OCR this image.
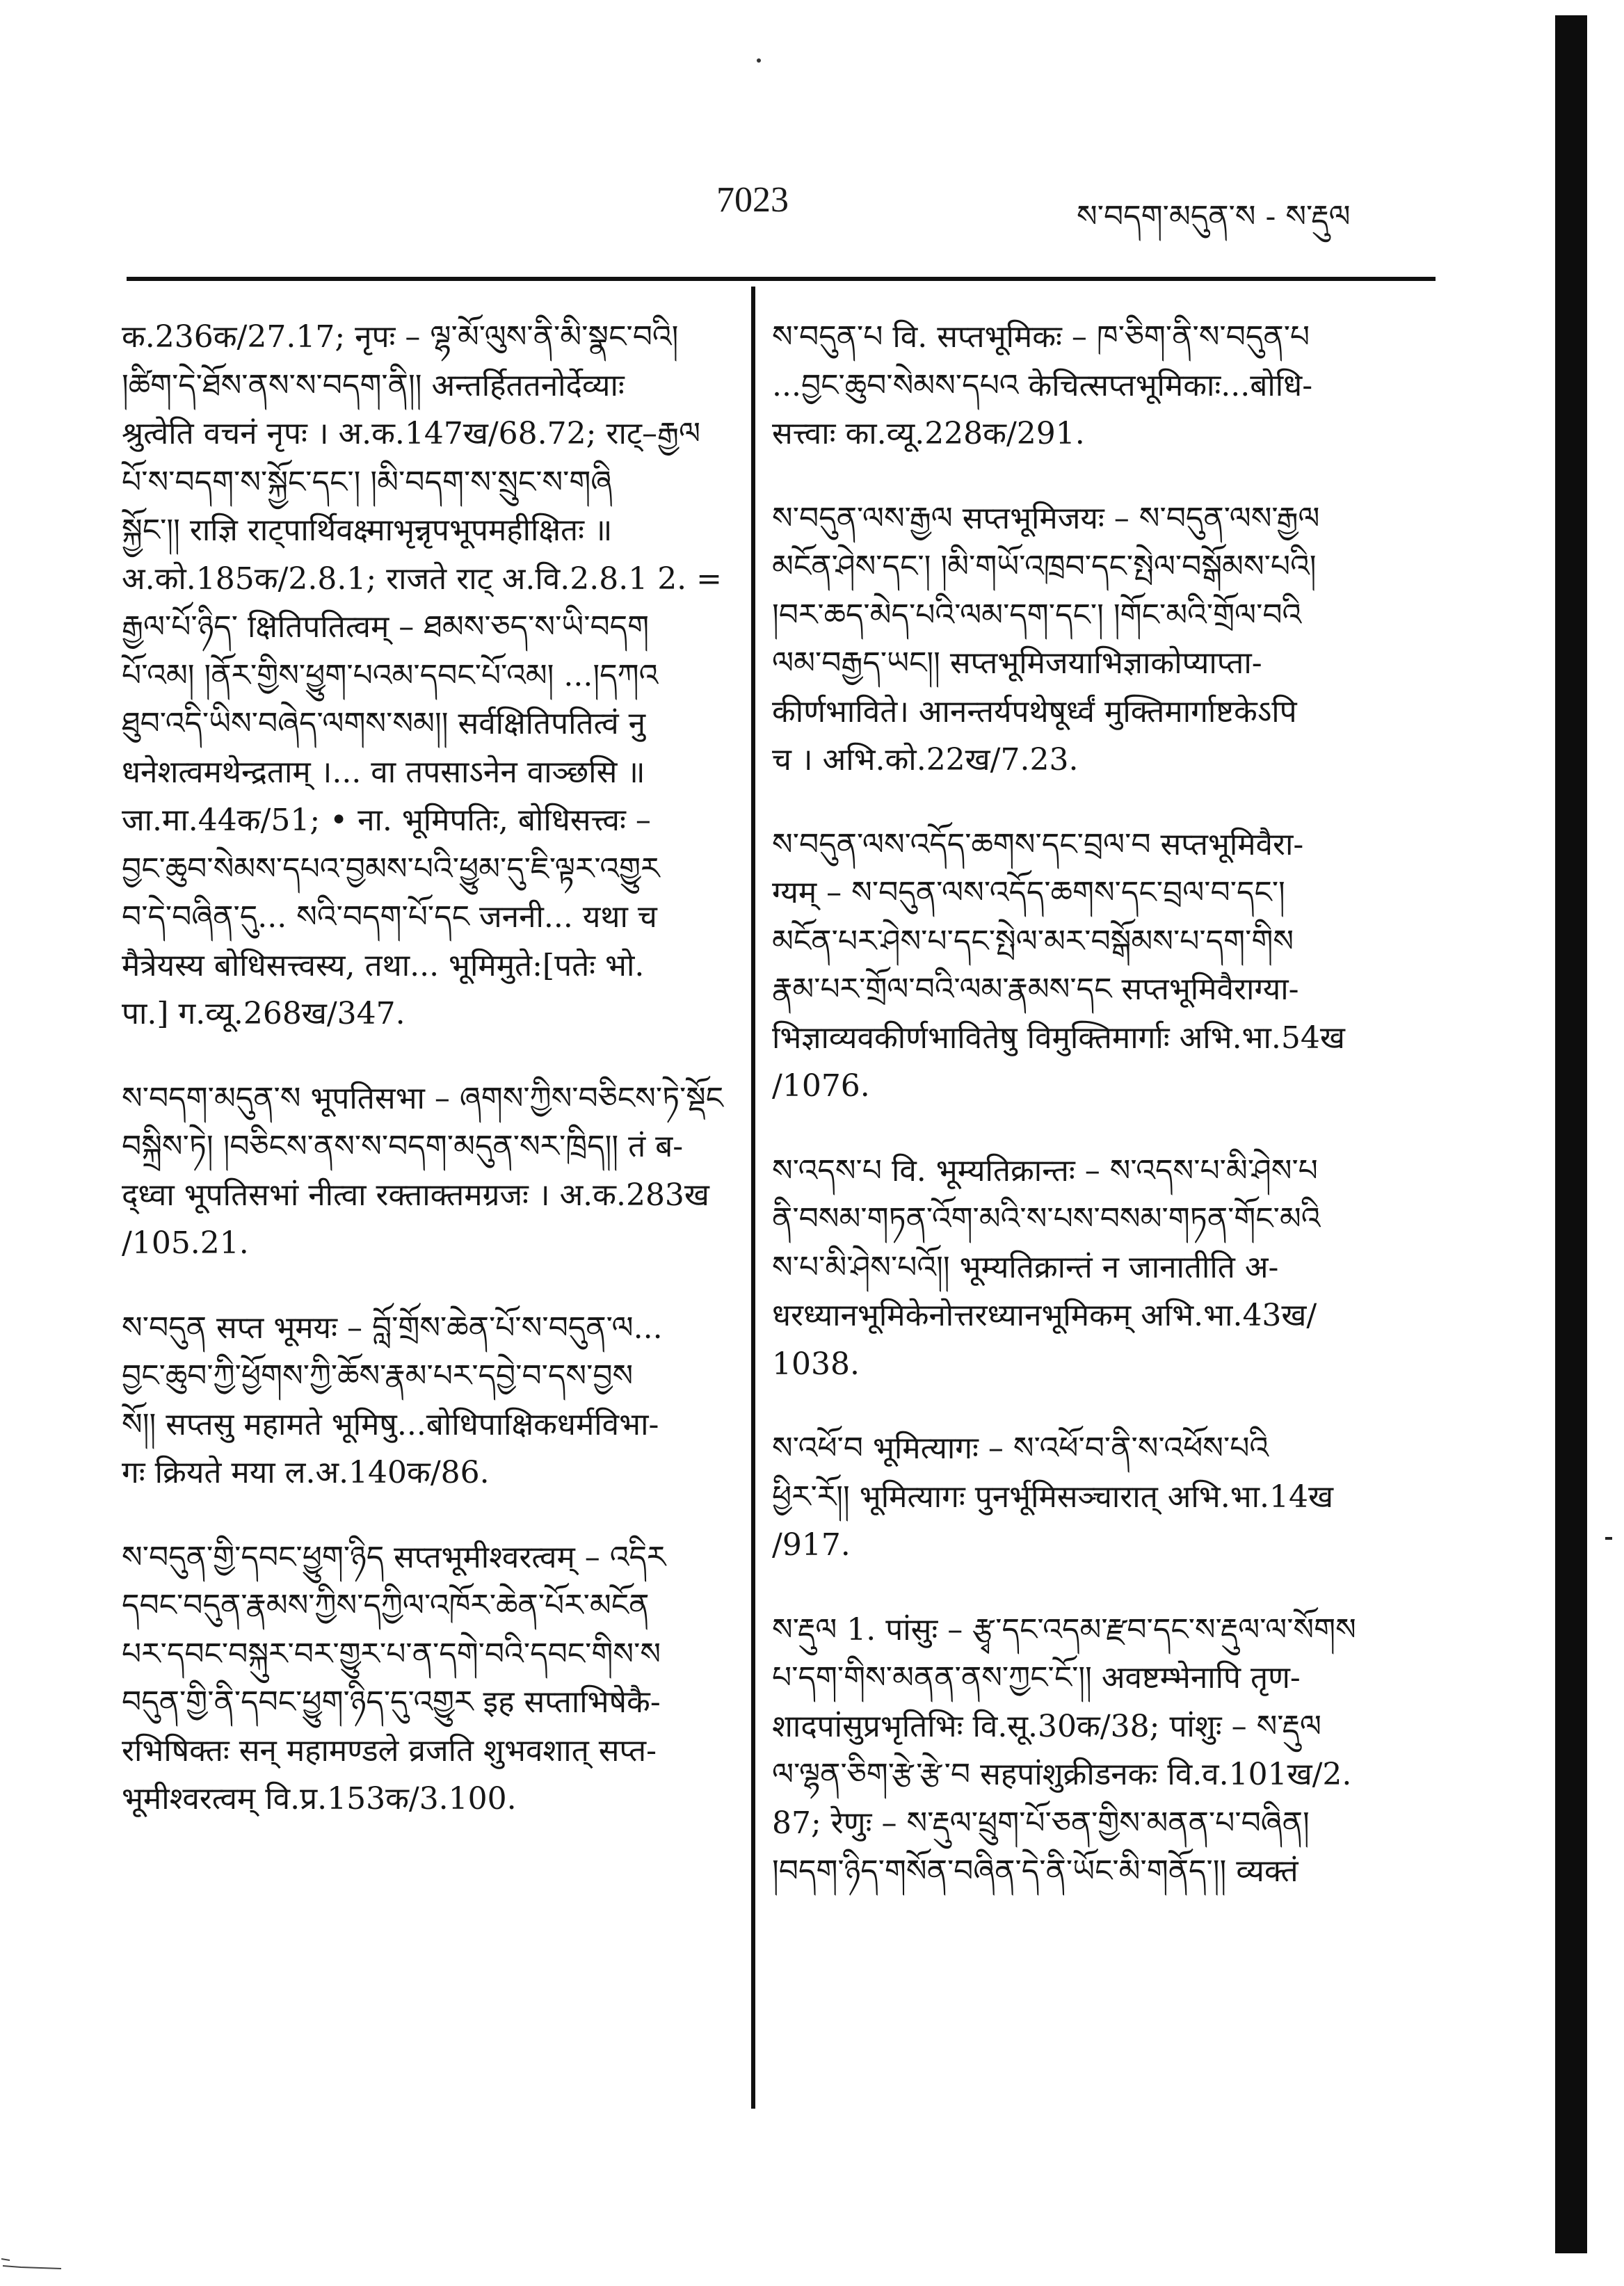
7023	ས་བདག་མདུན་ས - ས་རྡུལ
क.236क/27.17; नृपः – ལྷ་མོ་ལུས་ནི་མི་སྣང་བའི།
།ཚིག་དེ་ཐོས་ནས་ས་བདག་ནི།། अन्तर्हिततनोर्देव्याः
श्रुत्वेति वचनं नृपः । अ.क.147ख/68.72; राट्–རྒྱལ
པོ་ས་བདག་ས་སྐྱོང་དང་། །མི་བདག་ས་སྲུང་ས་གཞི
སྐྱོང་།། राज्ञि राट्पार्थिवक्ष्माभृन्नृपभूपमहीक्षितः ॥
अ.को.185क/2.8.1; राजते राट् अ.वि.2.8.1 2. =
རྒྱལ་པོ་ཉིད་ क्षितिपतित्वम् – ཐམས་ཅད་ས་ཡི་བདག
པོ་འམ། །ནོར་གྱིས་ཕྱུག་པའམ་དབང་པོ་འམ། ...།དཀའ
ཐུབ་འདི་ཡིས་བཞེད་ལགས་སམ།། सर्वक्षितिपतित्वं नु
धनेशत्वमथेन्द्रताम् ।... वा तपसाऽनेन वाञ्छसि ॥
जा.मा.44क/51; • ना. भूमिपतिः, बोधिसत्त्वः –
བྱང་ཆུབ་སེམས་དཔའ་བྱམས་པའི་ཕྱུམ་དུ་ཇི་ལྟར་འགྱུར
བ་དེ་བཞིན་དུ... སའི་བདག་པོ་དང जननी... यथा च
मैत्रेयस्य बोधिसत्त्वस्य, तथा... भूमिमुते:[पतेः भो.
पा.] ग.व्यू.268ख/347.
ས་བདག་མདུན་ས भूपतिसभा – ཞགས་ཀྱིས་བཅིངས་ཏེ་སྡོང
བསྐྲིས་ཏེ། །བཅིངས་ནས་ས་བདག་མདུན་སར་ཁྲིད།། तं ब-
द्ध्वा भूपतिसभां नीत्वा रक्ताक्तमग्रजः । अ.क.283ख
/105.21.
ས་བདུན सप्त भूमयः – བློ་གྲོས་ཆེན་པོ་ས་བདུན་ལ...
བྱང་ཆུབ་ཀྱི་ཕྱོགས་ཀྱི་ཆོས་རྣམ་པར་དབྱེ་བ་དས་བྱས
སོ།། सप्तसु महामते भूमिषु...बोधिपाक्षिकधर्मविभा-
गः क्रियते मया ल.अ.140क/86.
ས་བདུན་གྱི་དབང་ཕྱུག་ཉིད सप्तभूमीश्वरत्वम् – འདིར
དབང་བདུན་རྣམས་ཀྱིས་དཀྱིལ་འཁོར་ཆེན་པོར་མངོན
པར་དབང་བསྐུར་བར་གྱུར་པ་ན་དགེ་བའི་དབང་གིས་ས
བདུན་གྱི་ནི་དབང་ཕྱུག་ཉིད་དུ་འགྱུར इह सप्ताभिषेकै-
रभिषिक्तः सन् महामण्डले व्रजति शुभवशात् सप्त-
भूमीश्वरत्वम् वि.प्र.153क/3.100.
ས་བདུན་པ वि. सप्तभूमिकः – ཁ་ཅིག་ནི་ས་བདུན་པ
...བྱང་ཆུབ་སེམས་དཔའ केचित्सप्तभूमिकाः...बोधि-
सत्त्वाः का.व्यू.228क/291.
ས་བདུན་ལས་རྒྱལ सप्तभूमिजयः – ས་བདུན་ལས་རྒྱལ
མངོན་ཤེས་དང་། །མི་གཡོ་འཁྲབ་དང་སྤེལ་བསྒོམས་པའི།
།བར་ཆད་མེད་པའི་ལམ་དག་དང་། །གོང་མའི་གྲོལ་བའི
ལམ་བརྒྱད་ཡང།། सप्तभूमिजयाभिज्ञाकोप्याप्ता-
कीर्णभाविते। आनन्तर्यपथेषूर्ध्वं मुक्तिमार्गाष्टकेऽपि
च । अभि.को.22ख/7.23.
ས་བདུན་ལས་འདོད་ཆགས་དང་བྲལ་བ सप्तभूमिवैरा-
ग्यम् – ས་བདུན་ལས་འདོད་ཆགས་དང་བྲལ་བ་དང་།
མངོན་པར་ཤེས་པ་དང་སྤེལ་མར་བསྒོམས་པ་དག་གིས
རྣམ་པར་གྲོལ་བའི་ལམ་རྣམས་དང सप्तभूमिवैराग्या-
भिज्ञाव्यवकीर्णभावितेषु विमुक्तिमार्गाः अभि.भा.54ख
/1076.
ས་འདས་པ वि. भूम्यतिक्रान्तः – ས་འདས་པ་མི་ཤེས་པ
ནི་བསམ་གཏན་འོག་མའི་ས་པས་བསམ་གཏན་གོང་མའི
ས་པ་མི་ཤེས་པའོ།། भूम्यतिक्रान्तं न जानातीति अ-
धरध्यानभूमिकेनोत्तरध्यानभूमिकम् अभि.भा.43ख/
1038.
ས་འཕོ་བ भूमित्यागः – ས་འཕོ་བ་ནི་ས་འཕོས་པའི
ཕྱིར་རོ།། भूमित्यागः पुनर्भूमिसञ्चारात् अभि.भा.14ख
/917.
ས་རྡུལ 1. पांसुः – རྩྭ་དང་འདམ་རྫབ་དང་ས་རྡུལ་ལ་སོགས
པ་དག་གིས་མནན་ནས་ཀྱང་ངོ་།། अवष्टम्भेनापि तृण-
शादपांसुप्रभृतिभिः वि.सू.30क/38; पांशुः – ས་རྡུལ
ལ་ལྷན་ཅིག་རྩེ་རྩེ་བ सहपांशुक्रीडनकः वि.व.101ख/2.
87; रेणुः – ས་རྡུལ་ཕྲུག་པོ་ཅན་གྱིས་མནན་པ་བཞིན།
།བདག་ཉིད་གསོན་བཞིན་དེ་ནི་ཡོང་མི་གནོད་།། व्यक्तं
